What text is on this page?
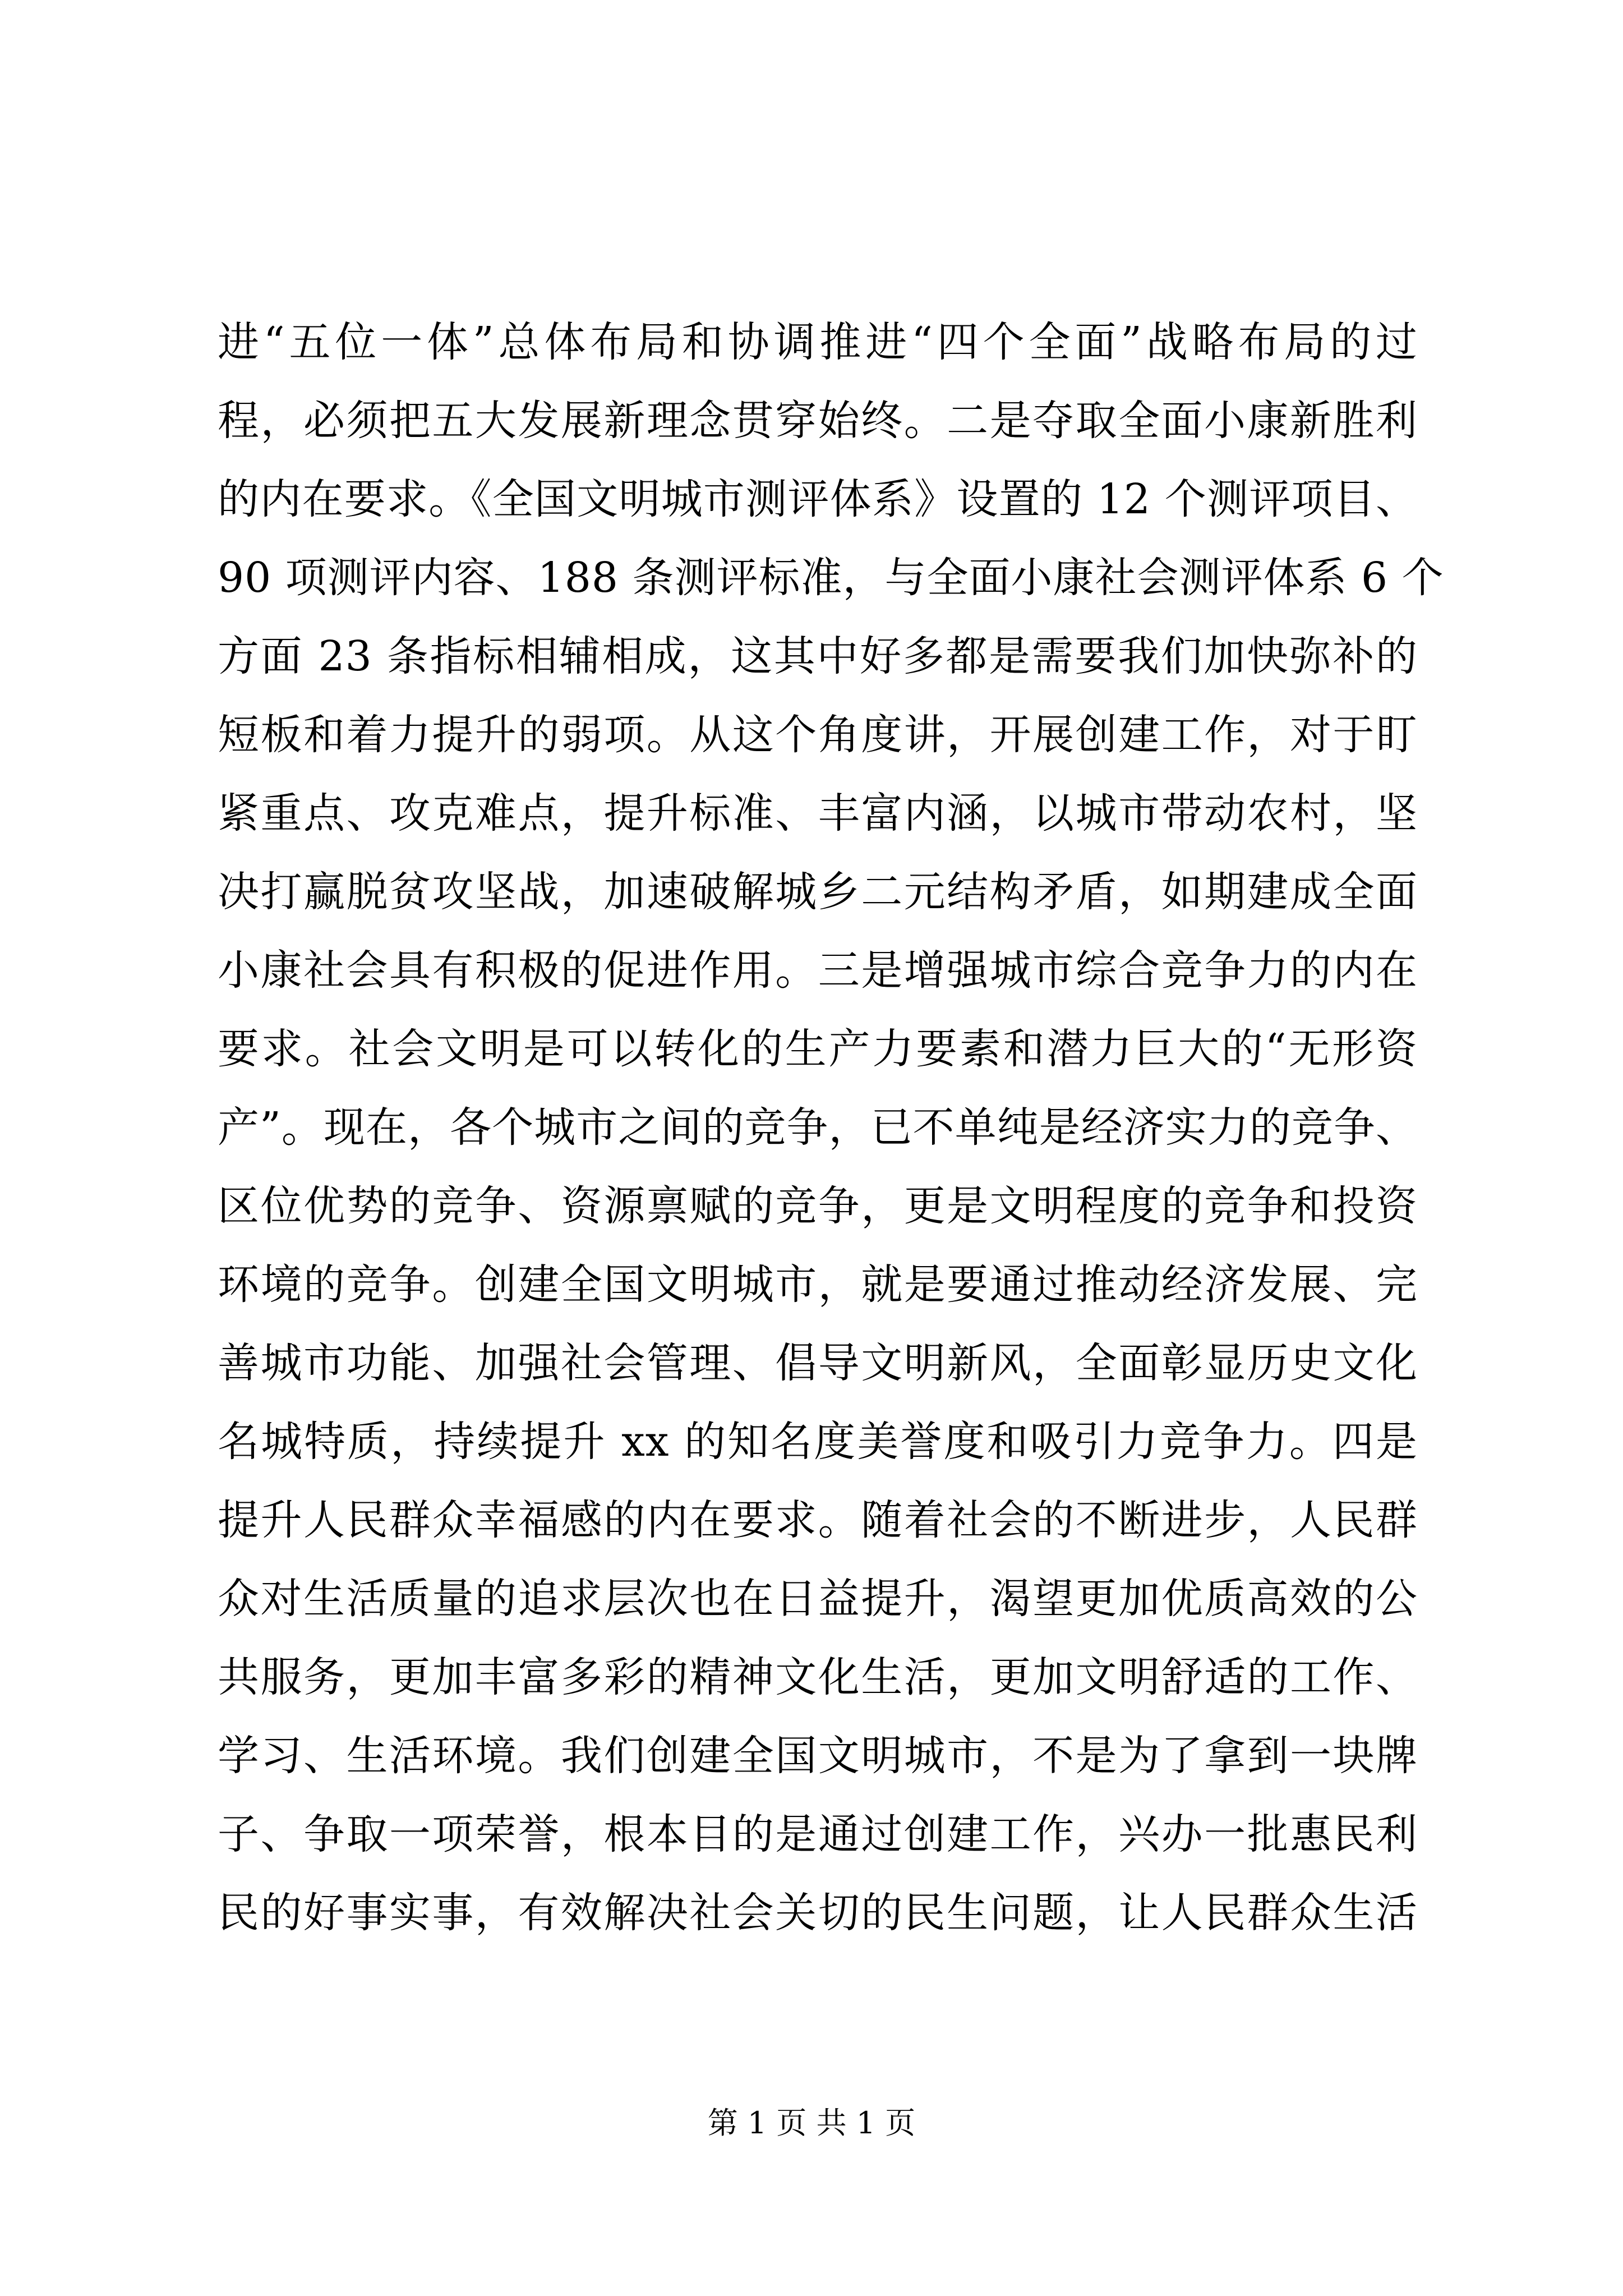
进“五位一体”总体布局和协调推进“四个全面”战略布局的过
程，必须把五大发展新理念贯穿始终。二是夺取全面小康新胜利
的内在要求。《全国文明城市测评体系》设置的 12 个测评项目、
90 项测评内容、188 条测评标准，与全面小康社会测评体系 6 个
方面 23 条指标相辅相成，这其中好多都是需要我们加快弥补的
短板和着力提升的弱项。从这个角度讲，开展创建工作，对于盯
紧重点、攻克难点，提升标准、丰富内涵，以城市带动农村，坚
决打赢脱贫攻坚战，加速破解城乡二元结构矛盾，如期建成全面
小康社会具有积极的促进作用。三是增强城市综合竞争力的内在
要求。社会文明是可以转化的生产力要素和潜力巨大的“无形资
产”。现在，各个城市之间的竞争，已不单纯是经济实力的竞争、
区位优势的竞争、资源禀赋的竞争，更是文明程度的竞争和投资
环境的竞争。创建全国文明城市，就是要通过推动经济发展、完
善城市功能、加强社会管理、倡导文明新风，全面彰显历史文化
名城特质，持续提升 xx 的知名度美誉度和吸引力竞争力。四是
提升人民群众幸福感的内在要求。随着社会的不断进步，人民群
众对生活质量的追求层次也在日益提升，渴望更加优质高效的公
共服务，更加丰富多彩的精神文化生活，更加文明舒适的工作、
学习、生活环境。我们创建全国文明城市，不是为了拿到一块牌
子、争取一项荣誉，根本目的是通过创建工作，兴办一批惠民利
民的好事实事，有效解决社会关切的民生问题，让人民群众生活
第 1 页 共 1 页
